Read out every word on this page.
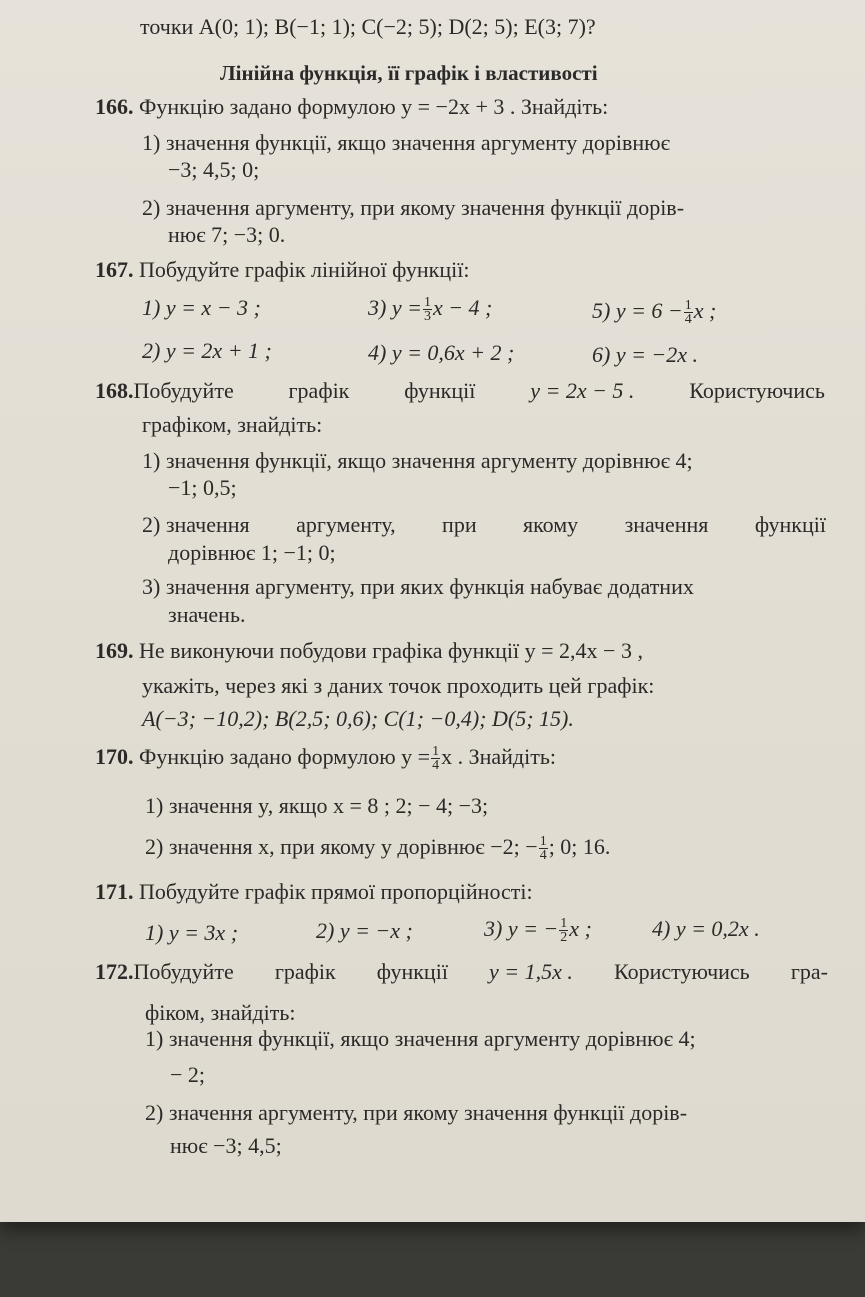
точки A(0; 1); B(−1; 1); C(−2; 5); D(2; 5); E(3; 7)?
Лінійна функція, її графік і властивості
166. Функцію задано формулою y = −2x + 3 . Знайдіть:
1) значення функції, якщо значення аргументу дорівнює
−3; 4,5; 0;
2) значення аргументу, при якому значення функції дорів-
нює 7; −3; 0.
167. Побудуйте графік лінійної функції:
1) y = x − 3 ;	3) $y = \frac{1}{3}$ x − 4 ;	5) $y = 6 - \frac{1}{4}$ x ;
2) y = 2x + 1 ;	4) y = 0,6x + 2 ;	6) y = −2x .
168.Побудуйте графік функції y = 2x − 5 . Користуючись
графіком, знайдіть:
1) значення функції, якщо значення аргументу дорівнює 4;
−1; 0,5;
2) значення аргументу, при якому значення функції
дорівнює 1; −1; 0;
3) значення аргументу, при яких функція набуває додатних
значень.
169. Не виконуючи побудови графіка функції y = 2,4x − 3 ,
укажіть, через які з даних точок проходить цей графік:
A(−3; −10,2); B(2,5; 0,6); C(1; −0,4); D(5; 15).
170. Функцію задано формулою $y = \frac{1}{4}$ x . Знайдіть:
1) значення y, якщо x = 8 ; 2; − 4; −3;
2) значення x, при якому y дорівнює −2; − $\frac{1}{4}$ ; 0; 16.
171. Побудуйте графік прямої пропорційності:
1) y = 3x ;	2) y = −x ;	3) y = − $\frac{1}{2}$ x ;	4) y = 0,2x .
172.Побудуйте графік функції y = 1,5x . Користуючись гра-
фіком, знайдіть:
1) значення функції, якщо значення аргументу дорівнює 4;
− 2;
2) значення аргументу, при якому значення функції дорів-
нює −3; 4,5;
